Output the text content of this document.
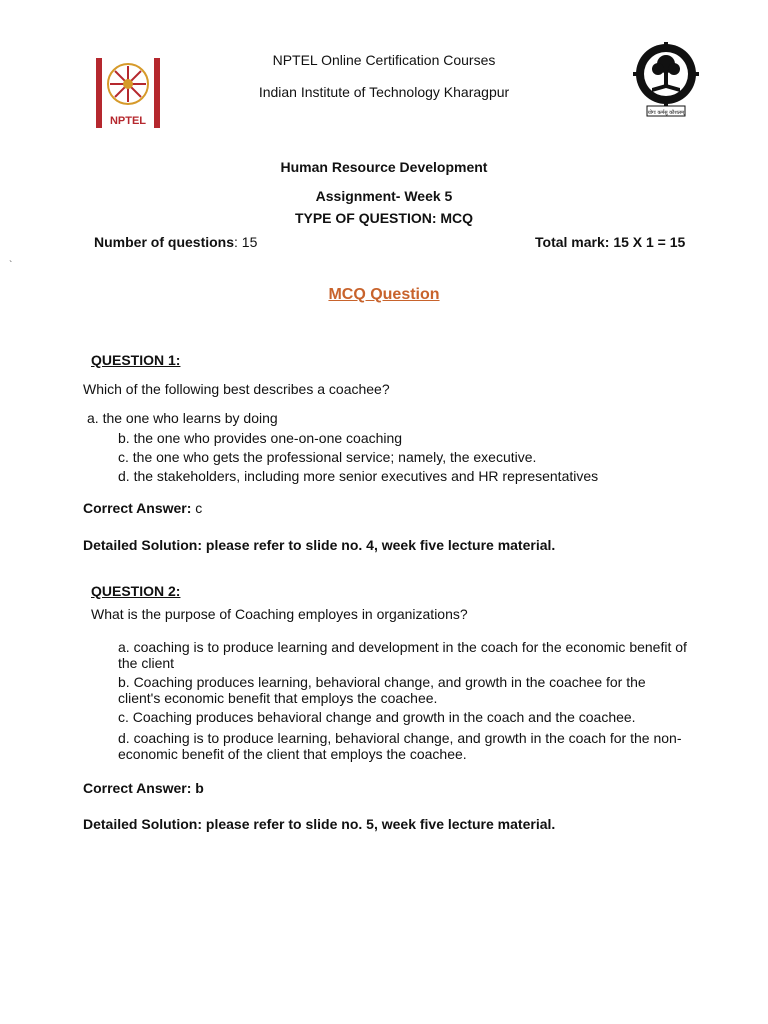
NPTEL
योगः कर्मसु कौशलम्
NPTEL Online Certification Courses
Indian Institute of Technology Kharagpur
Human Resource Development
Assignment- Week 5
TYPE OF QUESTION: MCQ
Number of questions: 15	Total mark: 15 X 1 = 15
`
MCQ Question
QUESTION 1:
Which of the following best describes a coachee?
a. the one who learns by doing
b. the one who provides one-on-one coaching
c. the one who gets the professional service; namely, the executive.
d. the stakeholders, including more senior executives and HR representatives
Correct Answer: c
Detailed Solution: please refer to slide no. 4, week five lecture material.
QUESTION 2:
What is the purpose of Coaching employes in organizations?
a. coaching is to produce learning and development in the coach for the economic benefit of the client
b. Coaching produces learning, behavioral change, and growth in the coachee for the client's economic benefit that employs the coachee.
c. Coaching produces behavioral change and growth in the coach and the coachee.
d. coaching is to produce learning, behavioral change, and growth in the coach for the non-economic benefit of the client that employs the coachee.
Correct Answer: b
Detailed Solution: please refer to slide no. 5, week five lecture material.
